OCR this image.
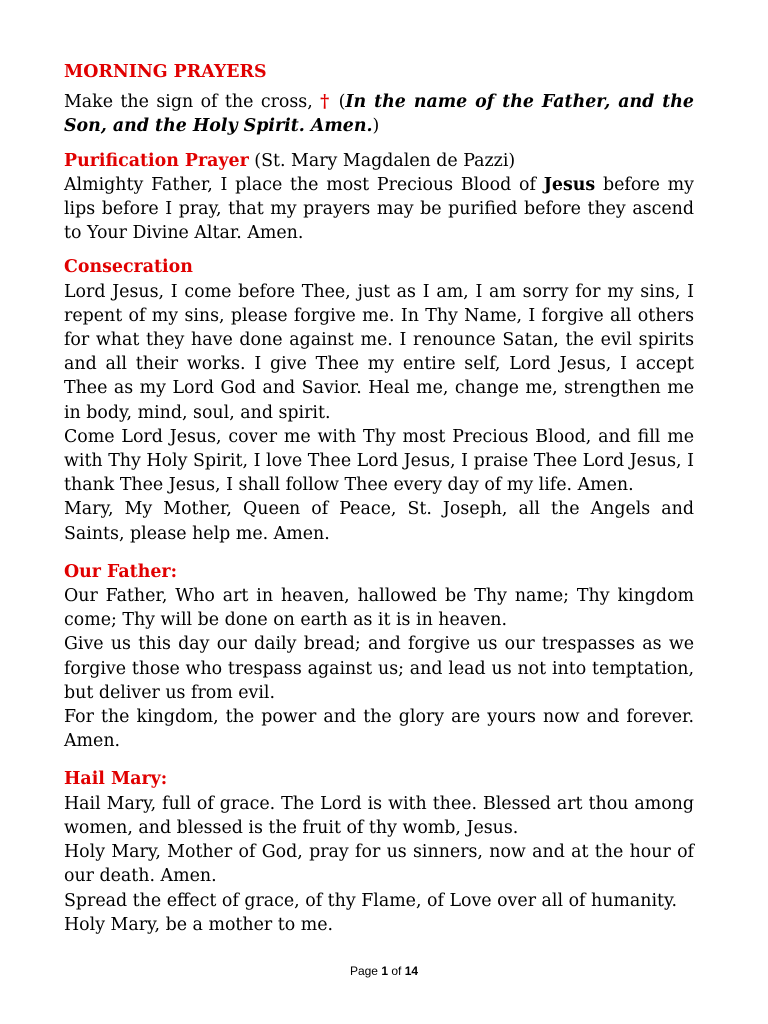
MORNING PRAYERS

Make the sign of the cross, † (In the name of the Father, and the Son, and the Holy Spirit. Amen.)

Purification Prayer (St. Mary Magdalen de Pazzi)

Almighty Father, I place the most Precious Blood of Jesus before my lips before I pray, that my prayers may be purified before they ascend to Your Divine Altar. Amen.

Consecration

Lord Jesus, I come before Thee, just as I am, I am sorry for my sins, I repent of my sins, please forgive me. In Thy Name, I forgive all others for what they have done against me. I renounce Satan, the evil spirits and all their works. I give Thee my entire self, Lord Jesus, I accept Thee as my Lord God and Savior. Heal me, change me, strengthen me in body, mind, soul, and spirit.

Come Lord Jesus, cover me with Thy most Precious Blood, and fill me with Thy Holy Spirit, I love Thee Lord Jesus, I praise Thee Lord Jesus, I thank Thee Jesus, I shall follow Thee every day of my life. Amen.

Mary, My Mother, Queen of Peace, St. Joseph, all the Angels and Saints, please help me. Amen.

Our Father:

Our Father, Who art in heaven, hallowed be Thy name; Thy kingdom come; Thy will be done on earth as it is in heaven.

Give us this day our daily bread; and forgive us our trespasses as we forgive those who trespass against us; and lead us not into temptation, but deliver us from evil.

For the kingdom, the power and the glory are yours now and forever. Amen.

Hail Mary:

Hail Mary, full of grace. The Lord is with thee. Blessed art thou among women, and blessed is the fruit of thy womb, Jesus.

Holy Mary, Mother of God, pray for us sinners, now and at the hour of our death. Amen.

Spread the effect of grace, of thy Flame, of Love over all of humanity.

Holy Mary, be a mother to me.

Page 1 of 14
